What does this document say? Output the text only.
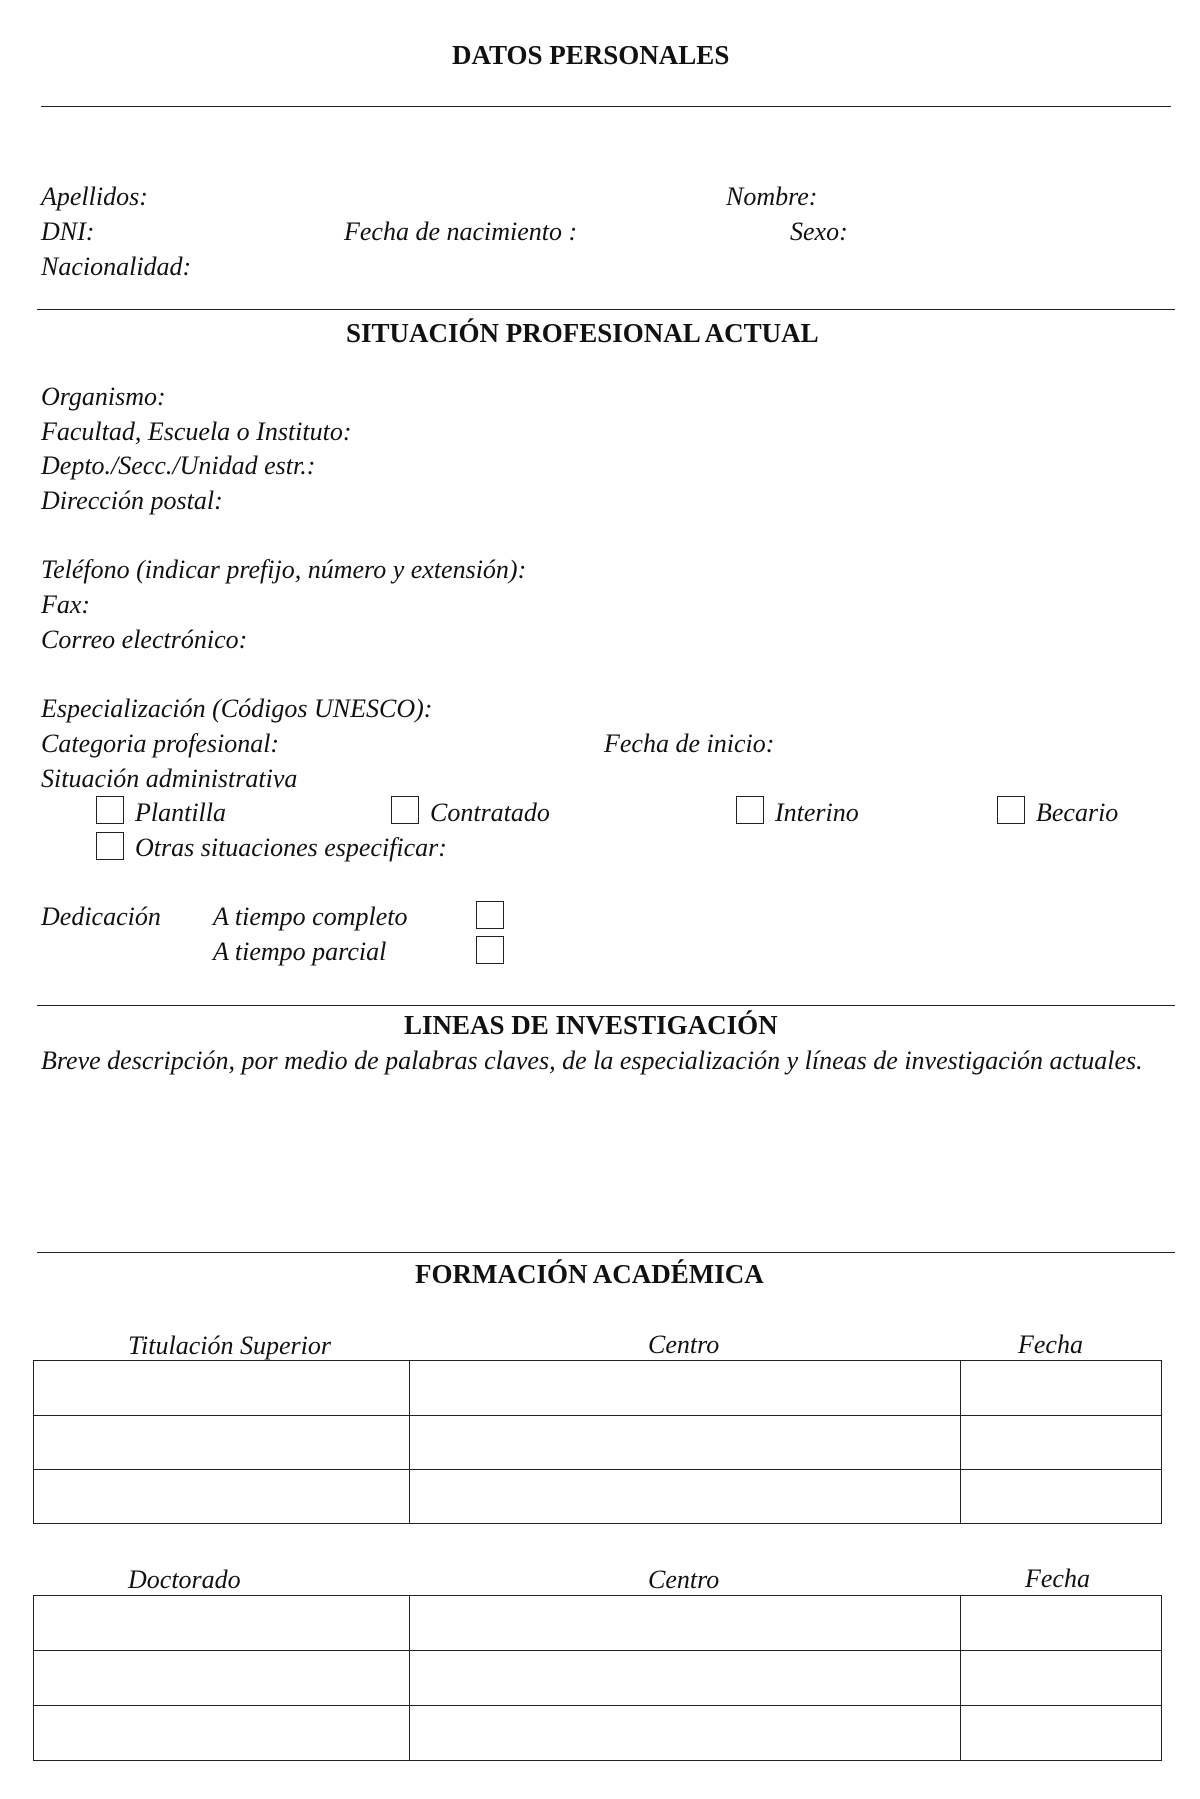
DATOS PERSONALES
Apellidos:	Nombre:
DNI:	Fecha de nacimiento :	Sexo:
Nacionalidad:
SITUACIÓN PROFESIONAL ACTUAL
Organismo:
Facultad, Escuela o Instituto:
Depto./Secc./Unidad estr.:
Dirección postal:
Teléfono (indicar prefijo, número y extensión):
Fax:
Correo electrónico:
Especialización (Códigos UNESCO):
Categoria profesional:	Fecha de inicio:
Situación administrativa
Plantilla	Contratado	Interino	Becario
Otras situaciones especificar:
Dedicación A tiempo completo
A tiempo parcial
LINEAS DE INVESTIGACIÓN
Breve descripción, por medio de palabras claves, de la especialización y líneas de investigación actuales.
FORMACIÓN ACADÉMICA
Titulación Superior	Centro	Fecha

Doctorado	Centro	Fecha
